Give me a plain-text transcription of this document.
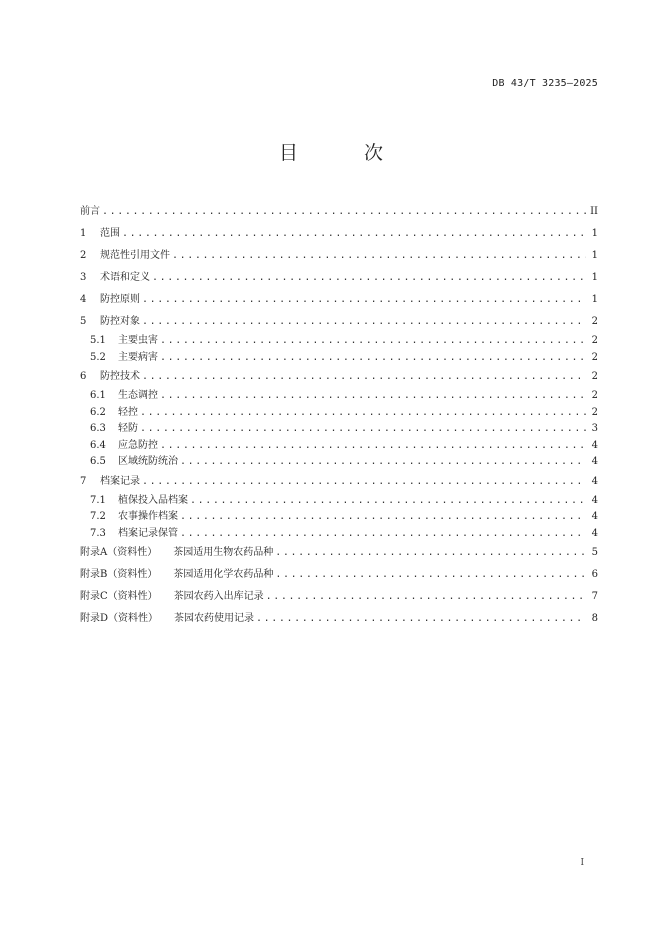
DB 43/T 3235—2025
目 次
前言 .....	II
1	范围 .....	1
2	规范性引用文件 .....	1
3	术语和定义 .....	1
4	防控原则 .....	1
5	防控对象 .....	2
5.1	主要虫害 .....	2
5.2	主要病害 .....	2
6	防控技术 .....	2
6.1	生态调控 .....	2
6.2	轻控 .....	2
6.3	轻防 .....	3
6.4	应急防控 .....	4
6.5	区域统防统治 .....	4
7	档案记录 .....	4
7.1	植保投入品档案 .....	4
7.2	农事操作档案 .....	4
7.3	档案记录保管 .....	4
附录A（资料性）	茶园适用生物农药品种 .....	5
附录B（资料性）	茶园适用化学农药品种 .....	6
附录C（资料性）	茶园农药入出库记录 .....	7
附录D（资料性）	茶园农药使用记录 .....	8
I
